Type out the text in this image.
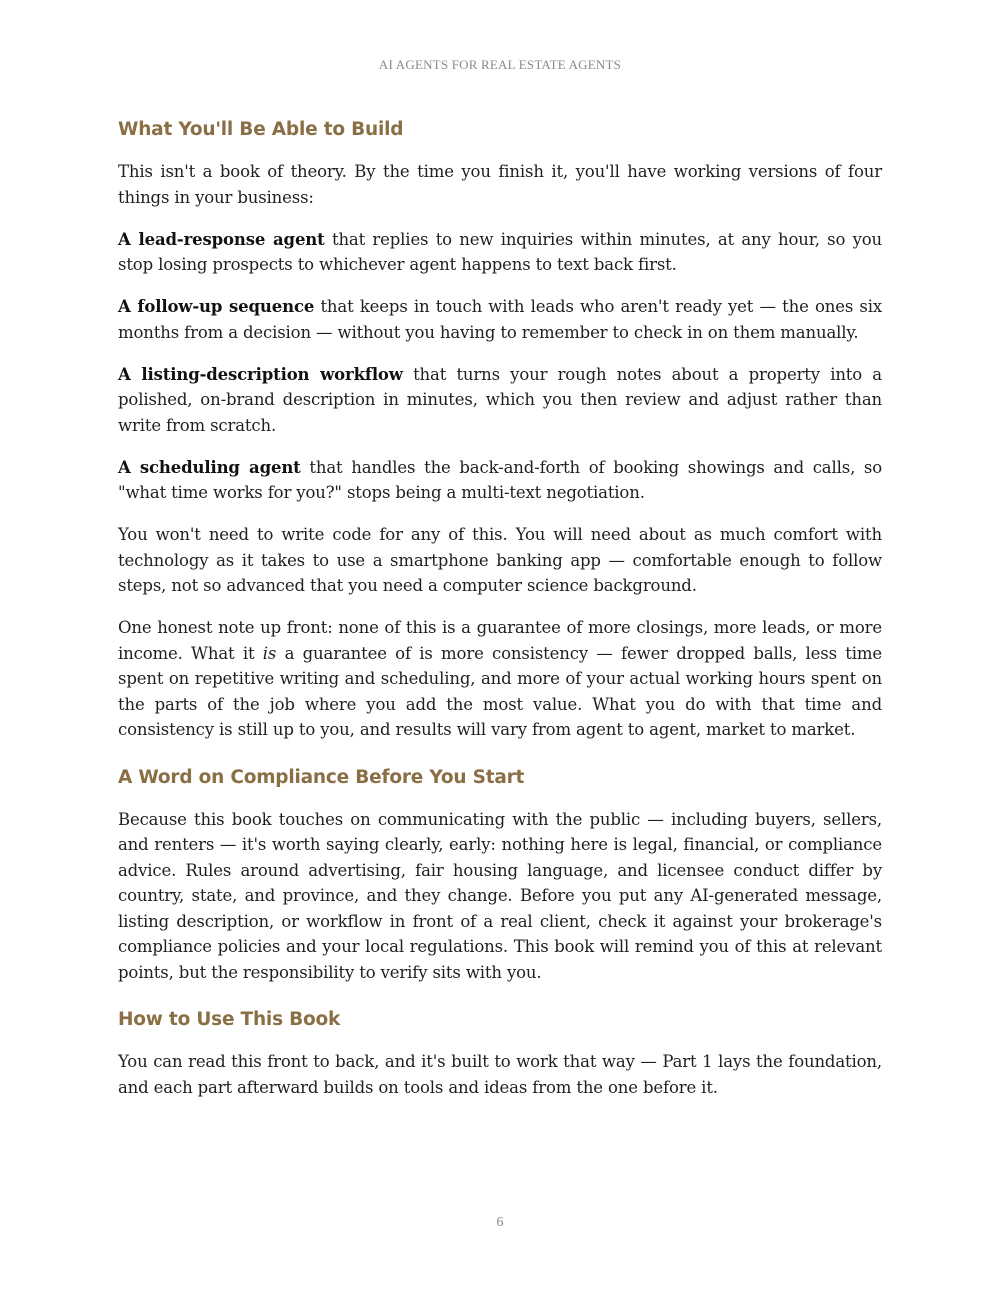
AI AGENTS FOR REAL ESTATE AGENTS
What You'll Be Able to Build

This isn't a book of theory. By the time you finish it, you'll have working versions of four things in your business:

A lead-response agent that replies to new inquiries within minutes, at any hour, so you stop losing prospects to whichever agent happens to text back first.

A follow-up sequence that keeps in touch with leads who aren't ready yet — the ones six months from a decision — without you having to remember to check in on them manually.

A listing-description workflow that turns your rough notes about a property into a polished, on-brand description in minutes, which you then review and adjust rather than write from scratch.

A scheduling agent that handles the back-and-forth of booking showings and calls, so "what time works for you?" stops being a multi-text negotiation.

You won't need to write code for any of this. You will need about as much comfort with technology as it takes to use a smartphone banking app — comfortable enough to follow steps, not so advanced that you need a computer science background.

One honest note up front: none of this is a guarantee of more closings, more leads, or more income. What it is a guarantee of is more consistency — fewer dropped balls, less time spent on repetitive writing and scheduling, and more of your actual working hours spent on the parts of the job where you add the most value. What you do with that time and consistency is still up to you, and results will vary from agent to agent, market to market.

A Word on Compliance Before You Start

Because this book touches on communicating with the public — including buyers, sellers, and renters — it's worth saying clearly, early: nothing here is legal, financial, or compliance advice. Rules around advertising, fair housing language, and licensee conduct differ by country, state, and province, and they change. Before you put any AI-generated message, listing description, or workflow in front of a real client, check it against your brokerage's compliance policies and your local regulations. This book will remind you of this at relevant points, but the responsibility to verify sits with you.

How to Use This Book

You can read this front to back, and it's built to work that way — Part 1 lays the foundation, and each part afterward builds on tools and ideas from the one before it.

6
